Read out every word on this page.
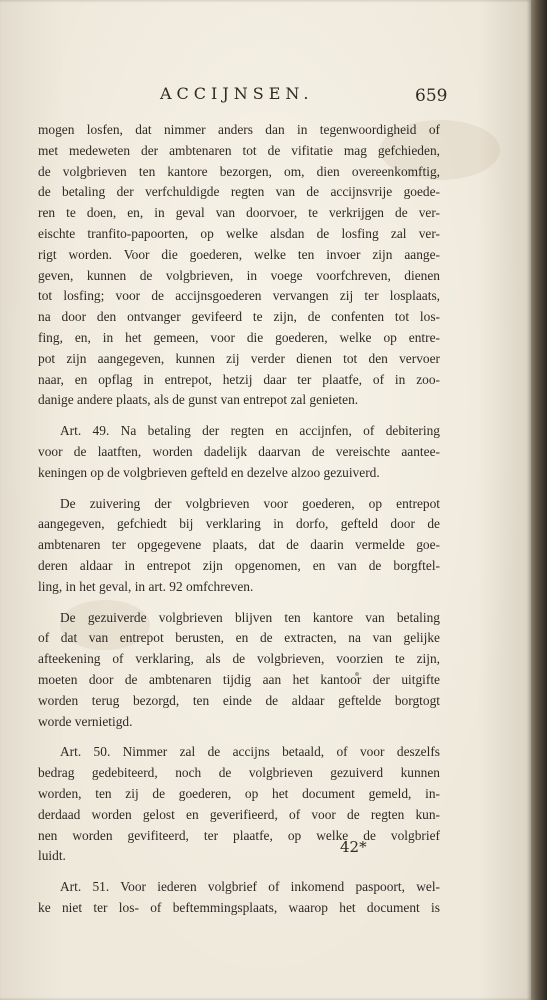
ACCIJNSEN.	659

mogen losfen, dat nimmer anders dan in tegenwoordigheid of
met medeweten der ambtenaren tot de vifitatie mag gefchieden,
de volgbrieven ten kantore bezorgen, om, dien overeenkomftig,
de betaling der verfchuldigde regten van de accijnsvrije goede-
ren te doen, en, in geval van doorvoer, te verkrijgen de ver-
eischte tranfito-papoorten, op welke alsdan de losfing zal ver-
rigt worden. Voor die goederen, welke ten invoer zijn aange-
geven, kunnen de volgbrieven, in voege voorfchreven, dienen
tot losfing; voor de accijnsgoederen vervangen zij ter losplaats,
na door den ontvanger gevifeerd te zijn, de confenten tot los-
fing, en, in het gemeen, voor die goederen, welke op entre-
pot zijn aangegeven, kunnen zij verder dienen tot den vervoer
naar, en opflag in entrepot, hetzij daar ter plaatfe, of in zoo-
danige andere plaats, als de gunst van entrepot zal genieten.

Art. 49. Na betaling der regten en accijnfen, of debitering
voor de laatften, worden dadelijk daarvan de vereischte aantee-
keningen op de volgbrieven gefteld en dezelve alzoo gezuiverd.

De zuivering der volgbrieven voor goederen, op entrepot
aangegeven, gefchiedt bij verklaring in dorfo, gefteld door de
ambtenaren ter opgegevene plaats, dat de daarin vermelde goe-
deren aldaar in entrepot zijn opgenomen, en van de borgftel-
ling, in het geval, in art. 92 omfchreven.

De gezuiverde volgbrieven blijven ten kantore van betaling
of dat van entrepot berusten, en de extracten, na van gelijke
afteekening of verklaring, als de volgbrieven, voorzien te zijn,
moeten door de ambtenaren tijdig aan het kantoor der uitgifte
worden terug bezorgd, ten einde de aldaar geftelde borgtogt
worde vernietigd.

Art. 50. Nimmer zal de accijns betaald, of voor deszelfs
bedrag gedebiteerd, noch de volgbrieven gezuiverd kunnen
worden, ten zij de goederen, op het document gemeld, in-
derdaad worden gelost en geverifieerd, of voor de regten kun-
nen worden gevifiteerd, ter plaatfe, op welke de volgbrief
luidt.

Art. 51. Voor iederen volgbrief of inkomend paspoort, wel-
ke niet ter los- of beftemmingsplaats, waarop het document is

42*
